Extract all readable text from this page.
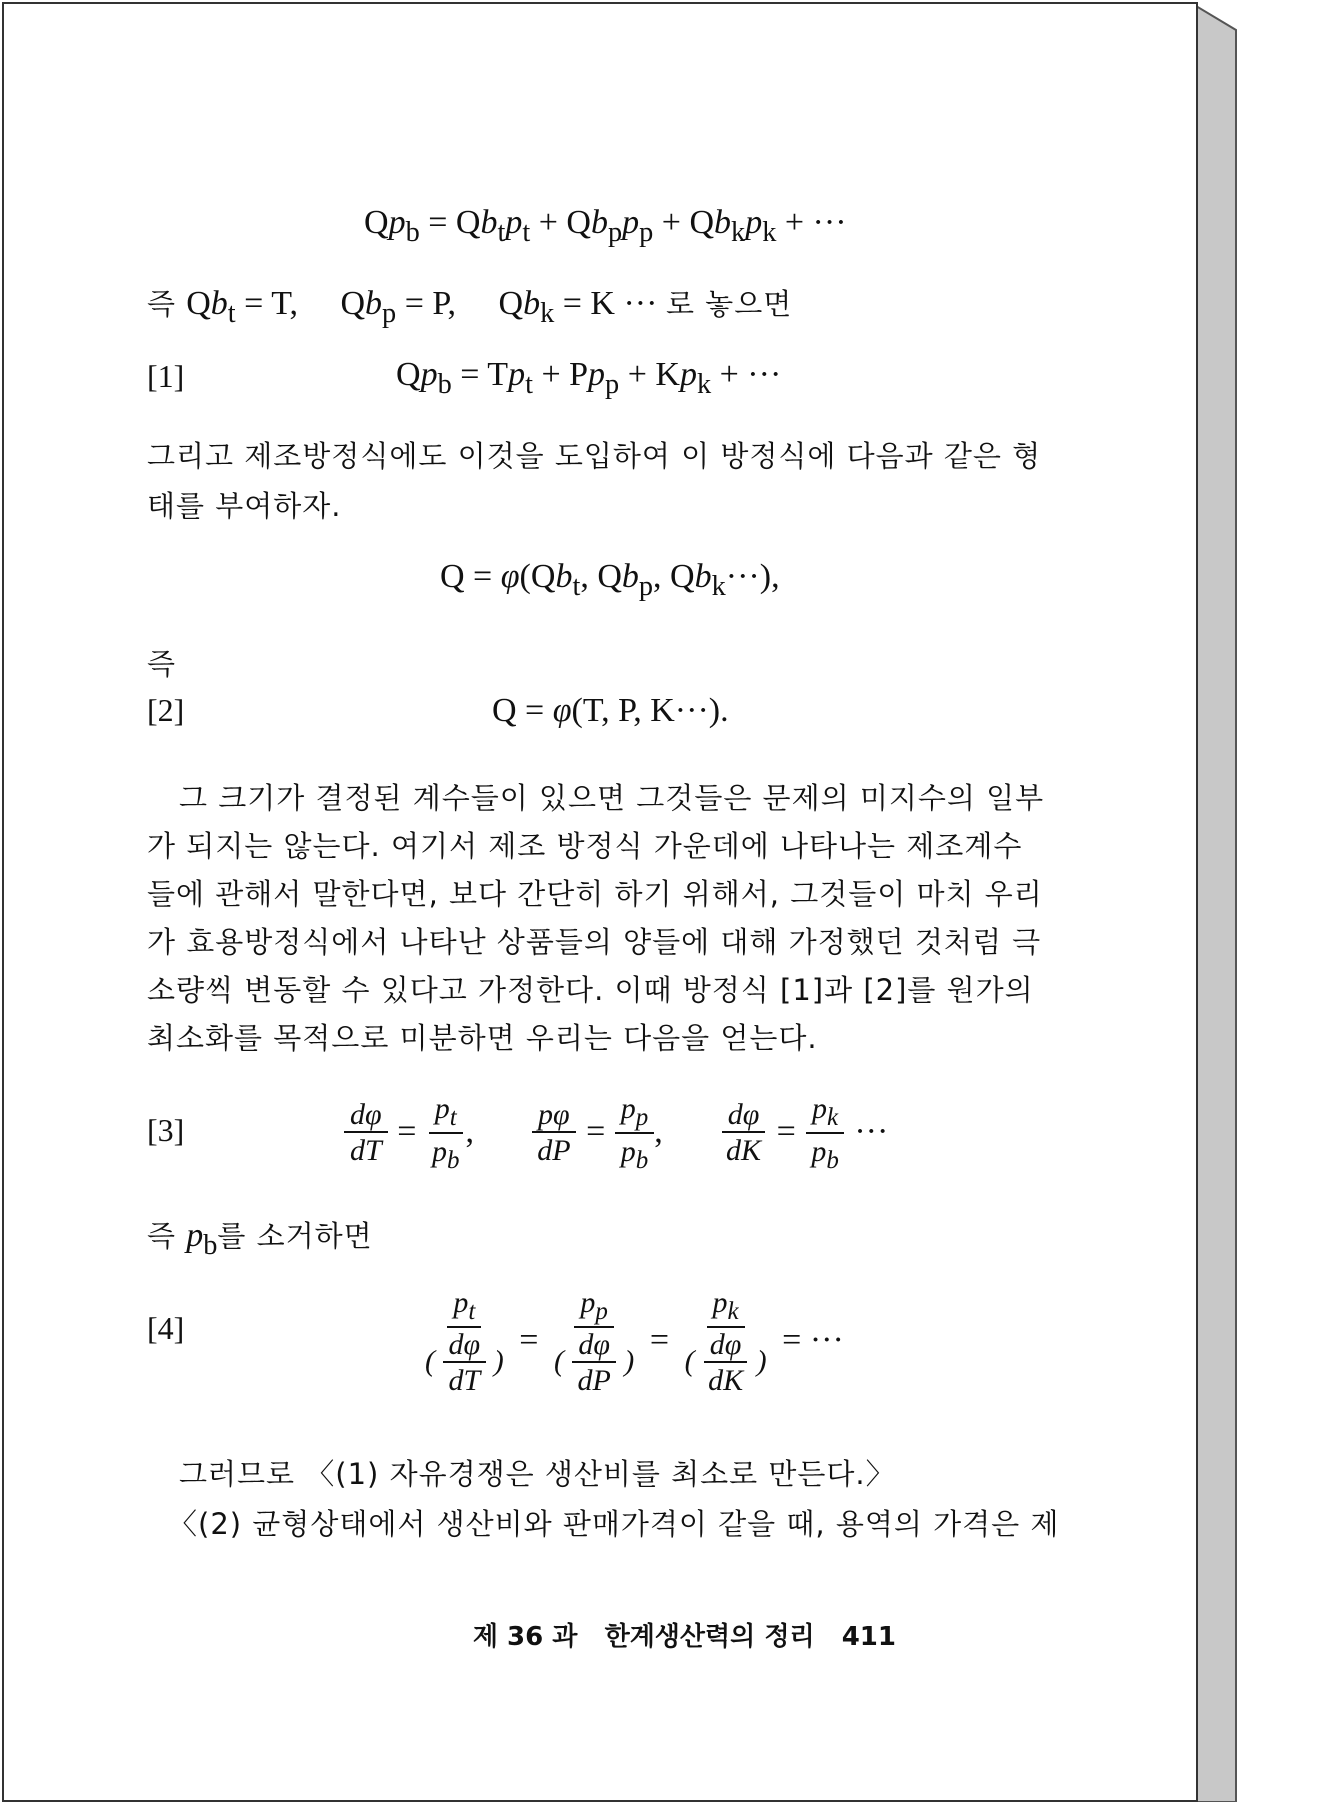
$Qp_b = Qb_tp_t + Qb_pp_p + Qb_kp_k$ + ···
즉 $Qb_t = T$,     $Qb_p = P$,     $Qb_k = K$ ··· 로 놓으면
[1]	$Qp_b = Tp_t + Pp_p + Kp_k$ + ···
그리고 제조방정식에도 이것을 도입하여 이 방정식에 다음과 같은 형
태를 부여하자.
$Q = \varphi(Qb_t$, $Qb_p$, $Qb_k\cdot\cdot\cdot$),
즉
[2]	Q = φ(T, P, K···).
그 크기가 결정된 계수들이 있으면 그것들은 문제의 미지수의 일부
가 되지는 않는다. 여기서 제조 방정식 가운데에 나타나는 제조계수
들에 관해서 말한다면, 보다 간단히 하기 위해서, 그것들이 마치 우리
가 효용방정식에서 나타난 상품들의 양들에 대해 가정했던 것처럼 극
소량씩 변동할 수 있다고 가정한다. 이때 방정식 [1]과 [2]를 원가의
최소화를 목적으로 미분하면 우리는 다음을 얻는다.
[3]	$\frac{d\varphi}{dT} = \frac{p_t}{p_b}$ , $\frac{p\varphi}{dP} = \frac{p_p}{p_b}$ , $\frac{d\varphi}{dK} = \frac{p_k}{p_b}$ ···
즉 $p_b$를 소거하면
[4]	$\frac{p_t}{( \frac{d\varphi}{dT} )} = \frac{p_p}{( \frac{d\varphi}{dP} )} = \frac{p_k}{( \frac{d\varphi}{dK} )}$ = ···
그러므로 〈(1) 자유경쟁은 생산비를 최소로 만든다.〉
〈(2) 균형상태에서 생산비와 판매가격이 같을 때, 용역의 가격은 제
제 36 과 한계생산력의 정리 411
